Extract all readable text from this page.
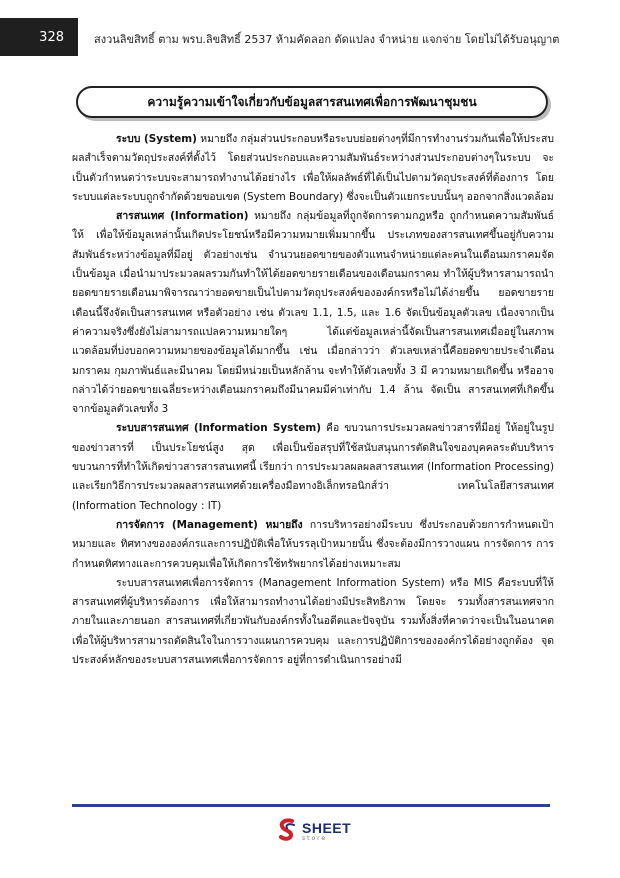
328	สงวนลิขสิทธิ์ ตาม พรบ.ลิขสิทธิ์ 2537 ห้ามคัดลอก ดัดแปลง จำหน่าย แจกจ่าย โดยไม่ได้รับอนุญาต
ความรู้ความเข้าใจเกี่ยวกับข้อมูลสารสนเทศเพื่อการพัฒนาชุมชน

ระบบ (System) หมายถึง กลุ่มส่วนประกอบหรือระบบย่อยต่างๆที่มีการทำงานร่วมกันเพื่อให้ประสบผลสำเร็จตามวัตถุประสงค์ที่ตั้งไว้ โดยส่วนประกอบและความสัมพันธ์ระหว่างส่วนประกอบต่างๆในระบบ จะเป็นตัวกำหนดว่าระบบจะสามารถทำงานได้อย่างไร เพื่อให้ผลลัพธ์ที่ได้เป็นไปตามวัตถุประสงค์ที่ต้องการ โดยระบบแต่ละระบบถูกจำกัดด้วยขอบเขต (System Boundary) ซึ่งจะเป็นตัวแยกระบบนั้นๆ ออกจากสิ่งแวดล้อม

สารสนเทศ (Information) หมายถึง กลุ่มข้อมูลที่ถูกจัดการตามกฎหรือ ถูกกำหนดความสัมพันธ์ให้ เพื่อให้ข้อมูลเหล่านั้นเกิดประโยชน์หรือมีความหมายเพิ่มมากขึ้น ประเภทของสารสนเทศขึ้นอยู่กับความสัมพันธ์ระหว่างข้อมูลที่มีอยู่ ตัวอย่างเช่น จำนวนยอดขายของตัวแทนจำหน่ายแต่ละคนในเดือนมกราคมจัดเป็นข้อมูล เมื่อนำมาประมวลผลรวมกันทำให้ได้ยอดขายรายเดือนของเดือนมกราคม ทำให้ผู้บริหารสามารถนำยอดขายรายเดือนมาพิจารณาว่ายอดขายเป็นไปตามวัตถุประสงค์ขององค์กรหรือไม่ได้ง่ายขึ้น ยอดขายรายเดือนนี้จึงจัดเป็นสารสนเทศ หรือตัวอย่าง เช่น ตัวเลข 1.1, 1.5, และ 1.6 จัดเป็นข้อมูลตัวเลข เนื่องจากเป็นค่าความจริงซึ่งยังไม่สามารถแปลความหมายใดๆ ได้แต่ข้อมูลเหล่านี้จัดเป็นสารสนเทศเมื่ออยู่ในสภาพแวดล้อมที่บ่งบอกความหมายของข้อมูลได้มากขึ้น เช่น เมื่อกล่าวว่า ตัวเลขเหล่านี้คือยอดขายประจำเดือนมกราคม กุมภาพันธ์และมีนาคม โดยมีหน่วยเป็นหลักล้าน จะทำให้ตัวเลขทั้ง 3 มี ความหมายเกิดขึ้น หรืออาจกล่าวได้ว่ายอดขายเฉลี่ยระหว่างเดือนมกราคมถึงมีนาคมมีค่าเท่ากับ 1.4 ล้าน จัดเป็น สารสนเทศที่เกิดขึ้นจากข้อมูลตัวเลขทั้ง 3

ระบบสารสนเทศ (Information System) คือ ขบวนการประมวลผลข่าวสารที่มีอยู่ ให้อยู่ในรูปของข่าวสารที่ เป็นประโยชน์สูง สุด เพื่อเป็นข้อสรุปที่ใช้สนับสนุนการตัดสินใจของบุคคลระดับบริหาร ขบวนการที่ทำให้เกิดข่าวสารสารสนเทศนี้ เรียกว่า การประมวลผลผลสารสนเทศ (Information Processing) และเรียกวิธีการประมวลผลสารสนเทศด้วยเครื่องมือทางอิเล็กทรอนิกส์ว่า เทคโนโลยีสารสนเทศ (Information Technology : IT)

การจัดการ (Management) หมายถึง การบริหารอย่างมีระบบ ซึ่งประกอบด้วยการกำหนดเป้าหมายและ ทิศทางขององค์กรและการปฏิบัติเพื่อให้บรรลุเป้าหมายนั้น ซึ่งจะต้องมีการวางแผน การจัดการ การกำหนดทิศทางและการควบคุมเพื่อให้เกิดการใช้ทรัพยากรได้อย่างเหมาะสม

ระบบสารสนเทศเพื่อการจัดการ (Management Information System) หรือ MIS คือระบบที่ให้สารสนเทศที่ผู้บริหารต้องการ เพื่อให้สามารถทำงานได้อย่างมีประสิทธิภาพ โดยจะ รวมทั้งสารสนเทศจากภายในและภายนอก สารสนเทศที่เกี่ยวพันกับองค์กรทั้งในอดีตและปัจจุบัน รวมทั้งสิ่งที่คาดว่าจะเป็นในอนาคต เพื่อให้ผู้บริหารสามารถตัดสินใจในการวางแผนการควบคุม และการปฏิบัติการขององค์กรได้อย่างถูกต้อง จุดประสงค์หลักของระบบสารสนเทศเพื่อการจัดการ อยู่ที่การดำเนินการอย่างมี

SHEET
store
